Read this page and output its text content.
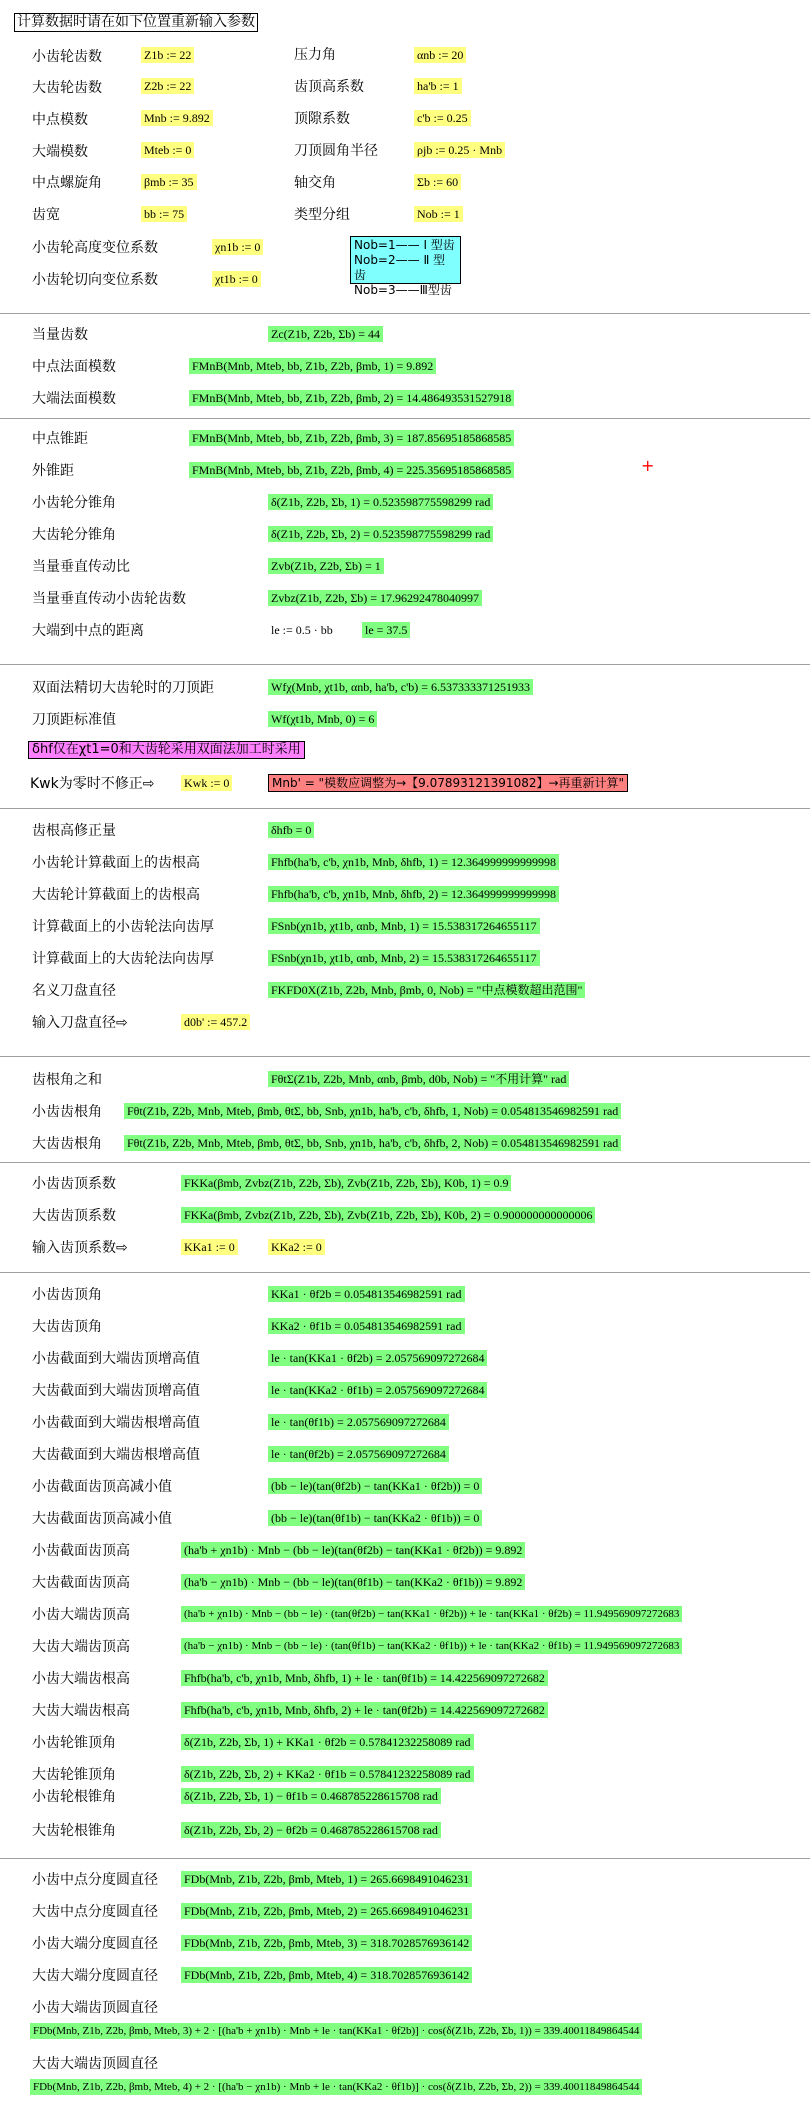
计算数据时请在如下位置重新输入参数
小齿轮齿数	Z1b := 22
大齿轮齿数	Z2b := 22
中点模数	Mnb := 9.892
大端模数	Mteb := 0
中点螺旋角	βmb := 35
齿宽	bb := 75
压力角	αnb := 20
齿顶高系数	ha'b := 1
顶隙系数	c'b := 0.25
刀顶圆角半径	ρjb := 0.25 · Mnb
轴交角	Σb := 60
类型分组	Nob := 1
小齿轮高度变位系数	χn1b := 0
小齿轮切向变位系数	χt1b := 0
Nob=1—— Ⅰ 型齿
Nob=2—— Ⅱ 型齿
Nob=3——Ⅲ型齿
当量齿数	Zc(Z1b, Z2b, Σb) = 44
中点法面模数	FMnB(Mnb, Mteb, bb, Z1b, Z2b, βmb, 1) = 9.892
大端法面模数	FMnB(Mnb, Mteb, bb, Z1b, Z2b, βmb, 2) = 14.486493531527918
中点锥距	FMnB(Mnb, Mteb, bb, Z1b, Z2b, βmb, 3) = 187.85695185868585
外锥距	FMnB(Mnb, Mteb, bb, Z1b, Z2b, βmb, 4) = 225.35695185868585	+
小齿轮分锥角	δ(Z1b, Z2b, Σb, 1) = 0.523598775598299 rad
大齿轮分锥角	δ(Z1b, Z2b, Σb, 2) = 0.523598775598299 rad
当量垂直传动比	Zvb(Z1b, Z2b, Σb) = 1
当量垂直传动小齿轮齿数	Zvbz(Z1b, Z2b, Σb) = 17.96292478040997
大端到中点的距离	le := 0.5 · bb	le = 37.5
双面法精切大齿轮时的刀顶距	Wfχ(Mnb, χt1b, αnb, ha'b, c'b) = 6.537333371251933
刀顶距标准值	Wf(χt1b, Mnb, 0) = 6
δhf仅在χt1=0和大齿轮采用双面法加工时采用
Kwk为零时不修正⇨ Kwk := 0	Mnb' = "模数应调整为→【9.07893121391082】→再重新计算"
齿根高修正量	δhfb = 0
小齿轮计算截面上的齿根高	Fhfb(ha'b, c'b, χn1b, Mnb, δhfb, 1) = 12.364999999999998
大齿轮计算截面上的齿根高	Fhfb(ha'b, c'b, χn1b, Mnb, δhfb, 2) = 12.364999999999998
计算截面上的小齿轮法向齿厚	FSnb(χn1b, χt1b, αnb, Mnb, 1) = 15.538317264655117
计算截面上的大齿轮法向齿厚	FSnb(χn1b, χt1b, αnb, Mnb, 2) = 15.538317264655117
名义刀盘直径	FKFD0X(Z1b, Z2b, Mnb, βmb, 0, Nob) = "中点模数超出范围"
输入刀盘直径⇨	d0b' := 457.2
齿根角之和	FθtΣ(Z1b, Z2b, Mnb, αnb, βmb, d0b, Nob) = "不用计算" rad
小齿齿根角 Fθt(Z1b, Z2b, Mnb, Mteb, βmb, θtΣ, bb, Snb, χn1b, ha'b, c'b, δhfb, 1, Nob) = 0.054813546982591 rad
大齿齿根角 Fθt(Z1b, Z2b, Mnb, Mteb, βmb, θtΣ, bb, Snb, χn1b, ha'b, c'b, δhfb, 2, Nob) = 0.054813546982591 rad
小齿齿顶系数	FKKa(βmb, Zvbz(Z1b, Z2b, Σb), Zvb(Z1b, Z2b, Σb), K0b, 1) = 0.9
大齿齿顶系数	FKKa(βmb, Zvbz(Z1b, Z2b, Σb), Zvb(Z1b, Z2b, Σb), K0b, 2) = 0.900000000000006
输入齿顶系数⇨	KKa1 := 0	KKa2 := 0
小齿齿顶角	KKa1 · θf2b = 0.054813546982591 rad
大齿齿顶角	KKa2 · θf1b = 0.054813546982591 rad
小齿截面到大端齿顶增高值	le · tan(KKa1 · θf2b) = 2.057569097272684
大齿截面到大端齿顶增高值	le · tan(KKa2 · θf1b) = 2.057569097272684
小齿截面到大端齿根增高值	le · tan(θf1b) = 2.057569097272684
大齿截面到大端齿根增高值	le · tan(θf2b) = 2.057569097272684
小齿截面齿顶高减小值	(bb − le)(tan(θf2b) − tan(KKa1 · θf2b)) = 0
大齿截面齿顶高减小值	(bb − le)(tan(θf1b) − tan(KKa2 · θf1b)) = 0
小齿截面齿顶高	(ha'b + χn1b) · Mnb − (bb − le)(tan(θf2b) − tan(KKa1 · θf2b)) = 9.892
大齿截面齿顶高	(ha'b − χn1b) · Mnb − (bb − le)(tan(θf1b) − tan(KKa2 · θf1b)) = 9.892
小齿大端齿顶高	(ha'b + χn1b) · Mnb − (bb − le) · (tan(θf2b) − tan(KKa1 · θf2b)) + le · tan(KKa1 · θf2b) = 11.949569097272683
大齿大端齿顶高	(ha'b − χn1b) · Mnb − (bb − le) · (tan(θf1b) − tan(KKa2 · θf1b)) + le · tan(KKa2 · θf1b) = 11.949569097272683
小齿大端齿根高	Fhfb(ha'b, c'b, χn1b, Mnb, δhfb, 1) + le · tan(θf1b) = 14.422569097272682
大齿大端齿根高	Fhfb(ha'b, c'b, χn1b, Mnb, δhfb, 2) + le · tan(θf2b) = 14.422569097272682
小齿轮锥顶角	δ(Z1b, Z2b, Σb, 1) + KKa1 · θf2b = 0.57841232258089 rad
大齿轮锥顶角	δ(Z1b, Z2b, Σb, 2) + KKa2 · θf1b = 0.57841232258089 rad
小齿轮根锥角	δ(Z1b, Z2b, Σb, 1) − θf1b = 0.468785228615708 rad
大齿轮根锥角	δ(Z1b, Z2b, Σb, 2) − θf2b = 0.468785228615708 rad
小齿中点分度圆直径 FDb(Mnb, Z1b, Z2b, βmb, Mteb, 1) = 265.6698491046231
大齿中点分度圆直径 FDb(Mnb, Z1b, Z2b, βmb, Mteb, 2) = 265.6698491046231
小齿大端分度圆直径 FDb(Mnb, Z1b, Z2b, βmb, Mteb, 3) = 318.7028576936142
大齿大端分度圆直径 FDb(Mnb, Z1b, Z2b, βmb, Mteb, 4) = 318.7028576936142
小齿大端齿顶圆直径
FDb(Mnb, Z1b, Z2b, βmb, Mteb, 3) + 2 · [(ha'b + χn1b) · Mnb + le · tan(KKa1 · θf2b)] · cos(δ(Z1b, Z2b, Σb, 1)) = 339.40011849864544
大齿大端齿顶圆直径
FDb(Mnb, Z1b, Z2b, βmb, Mteb, 4) + 2 · [(ha'b − χn1b) · Mnb + le · tan(KKa2 · θf1b)] · cos(δ(Z1b, Z2b, Σb, 2)) = 339.40011849864544
